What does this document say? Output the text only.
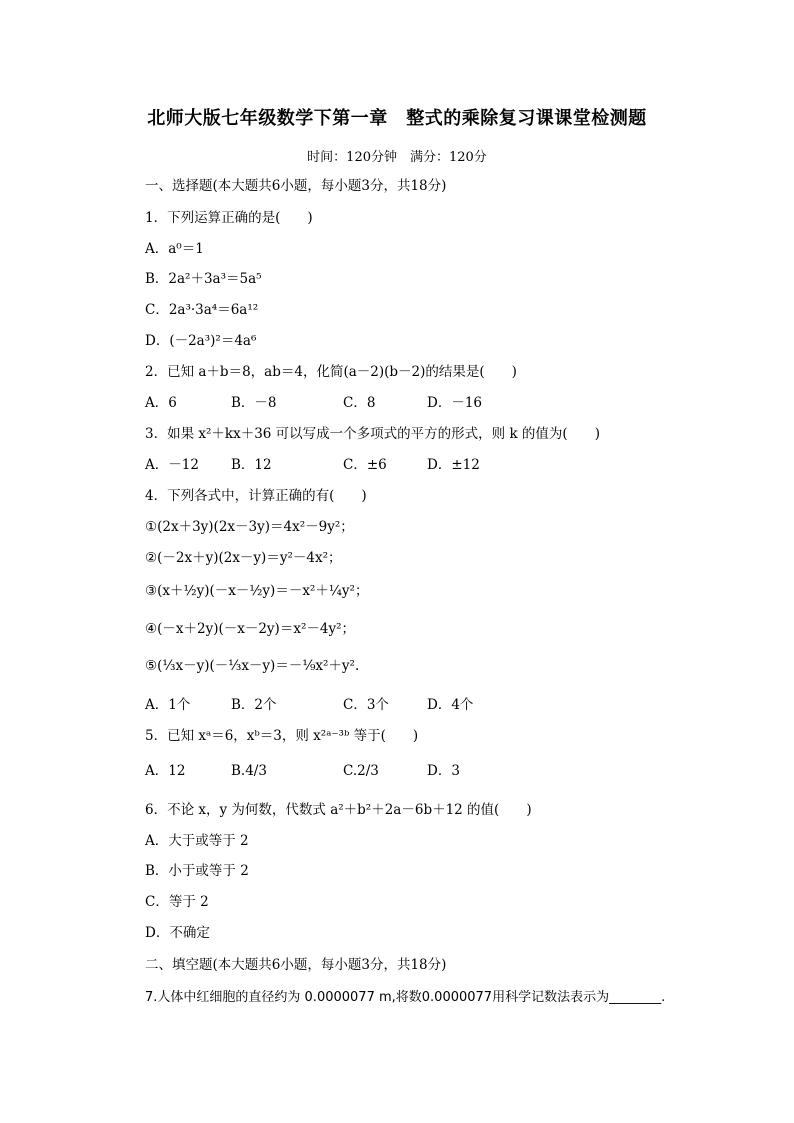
北师大版七年级数学下第一章　整式的乘除复习课课堂检测题
时间：120分钟　满分：120分
一、选择题(本大题共6小题，每小题3分，共18分)
1．下列运算正确的是(　　)
A．a⁰＝1
B．2a²＋3a³＝5a⁵
C．2a³·3a⁴＝6a¹²
D．(－2a³)²＝4a⁶
2．已知 a＋b＝8，ab＝4，化简(a－2)(b－2)的结果是(　　)
A．6	B．－8	C．8	D．－16
3．如果 x²＋kx＋36 可以写成一个多项式的平方的形式，则 k 的值为(　　)
A．－12 B．12	C．±6	D．±12
4．下列各式中，计算正确的有(　　)
①(2x＋3y)(2x－3y)＝4x²－9y²；
②(－2x＋y)(2x－y)＝y²－4x²；
③(x＋½y)(－x－½y)＝－x²＋¼y²；
④(－x＋2y)(－x－2y)＝x²－4y²；
⑤(⅓x－y)(－⅓x－y)＝－⅑x²＋y².
A．1个	B．2个	C．3个	D．4个
5．已知 xᵃ＝6，xᵇ＝3，则 x²ᵃ⁻³ᵇ 等于(　　)
A．12	B.4/3	C.2/3	D．3
6．不论 x，y 为何数，代数式 a²＋b²＋2a－6b＋12 的值(　　)
A．大于或等于 2
B．小于或等于 2
C．等于 2
D．不确定
二、填空题(本大题共6小题，每小题3分，共18分)
7.人体中红细胞的直径约为 0.0000077 m,将数0.0000077用科学记数法表示为________.
